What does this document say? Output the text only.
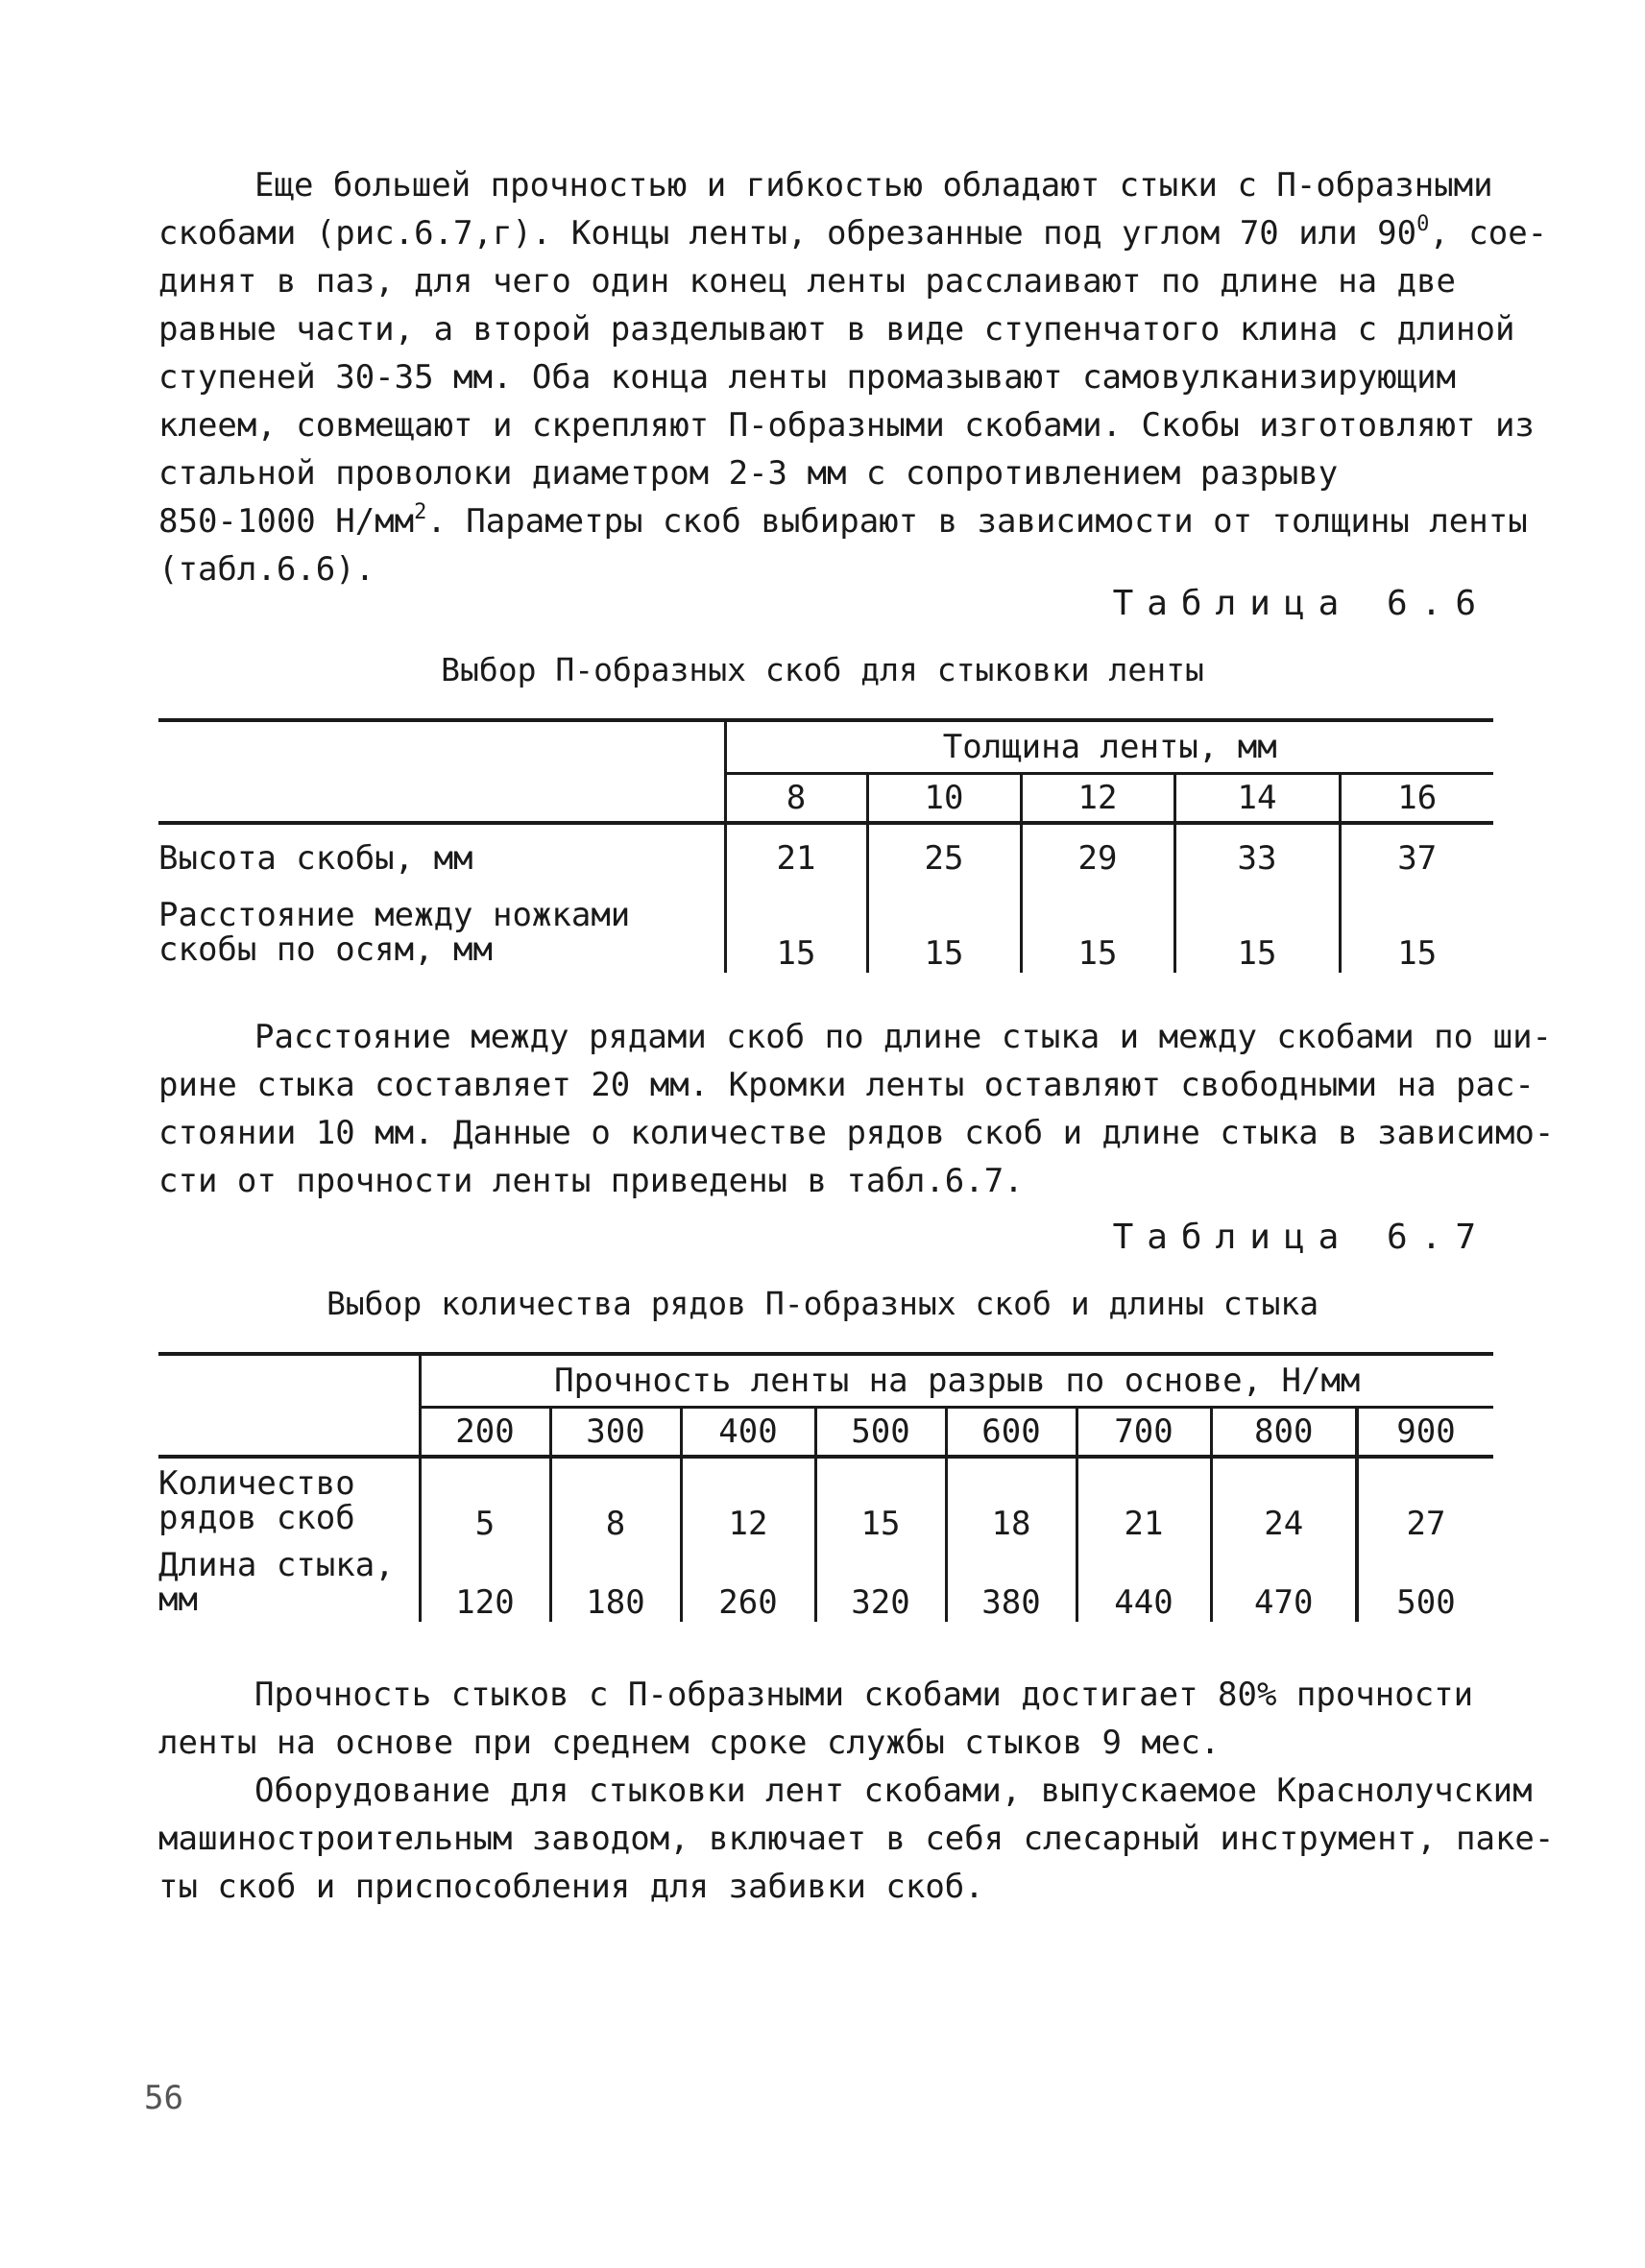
Еще большей прочностью и гибкостью обладают стыки с П-образными
скобами (рис.6.7,г). Концы ленты, обрезанные под углом 70 или $90^0$, сое-
динят в паз, для чего один конец ленты расслаивают по длине на две
равные части, а второй разделывают в виде ступенчатого клина с длиной
ступеней 30-35 мм. Оба конца ленты промазывают самовулканизирующим
клеем, совмещают и скрепляют П-образными скобами. Скобы изготовляют из
стальной проволоки диаметром 2-3 мм с сопротивлением разрыву
850-1000 $Н/мм^2$. Параметры скоб выбирают в зависимости от толщины ленты
(табл.6.6).

Таблица 6.6

Выбор П-образных скоб для стыковки ленты

	Толщина ленты, мм				
	8	10	12	14	16
Высота скобы, мм	21	25	29	33	37
Расстояние между ножками скобы по осям, мм	15	15	15	15	15
Расстояние между рядами скоб по длине стыка и между скобами по ши-
рине стыка составляет 20 мм. Кромки ленты оставляют свободными на рас-
стоянии 10 мм. Данные о количестве рядов скоб и длине стыка в зависимо-
сти от прочности ленты приведены в табл.6.7.

Таблица 6.7

Выбор количества рядов П-образных скоб и длины стыка

	Прочность ленты на разрыв по основе, Н/мм							
	200	300	400	500	600	700	800	900
Количество рядов скоб	5	8	12	15	18	21	24	27
Длина стыка, мм	120	180	260	320	380	440	470	500
Прочность стыков с П-образными скобами достигает 80% прочности
ленты на основе при среднем сроке службы стыков 9 мес.
Оборудование для стыковки лент скобами, выпускаемое Краснолучским
машиностроительным заводом, включает в себя слесарный инструмент, паке-
ты скоб и приспособления для забивки скоб.

56
